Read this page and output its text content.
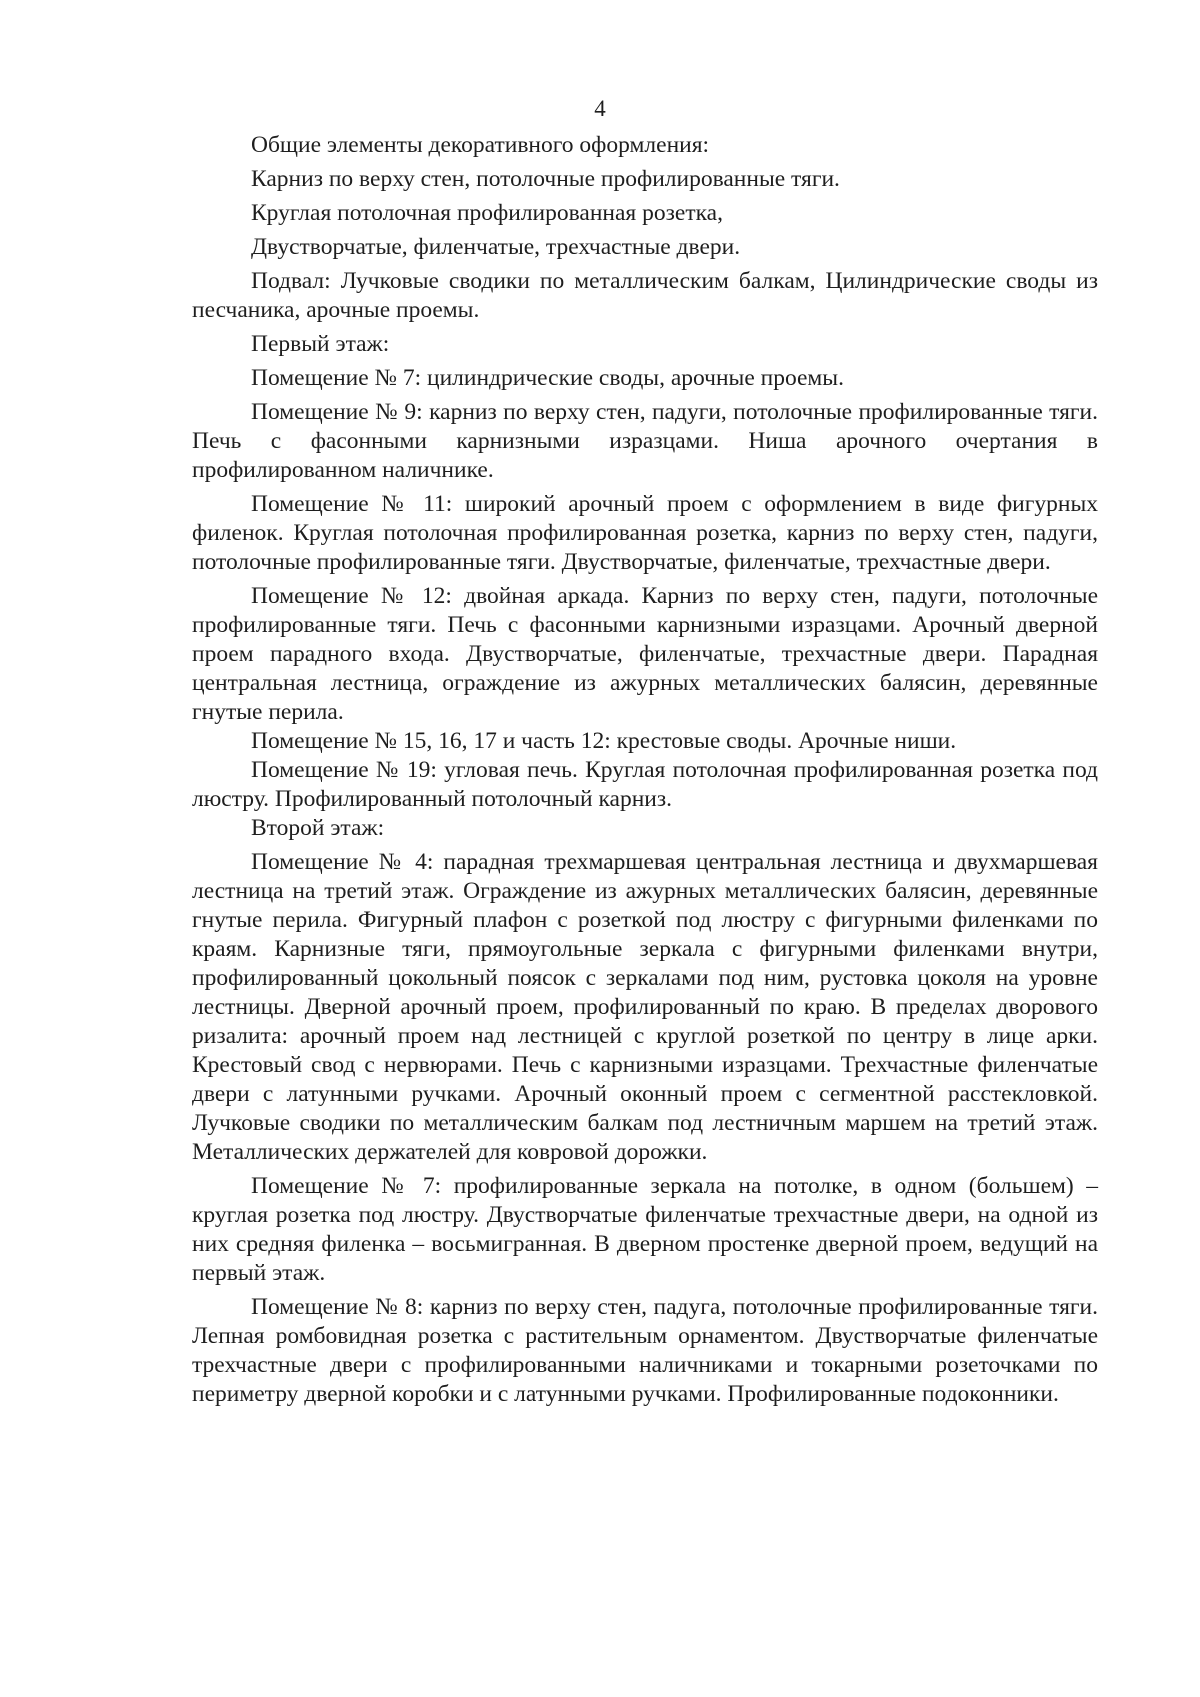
4

Общие элементы декоративного оформления:

Карниз по верху стен, потолочные профилированные тяги.

Круглая потолочная профилированная розетка,

Двустворчатые, филенчатые, трехчастные двери.

Подвал: Лучковые сводики по металлическим балкам, Цилиндрические своды из песчаника, арочные проемы.

Первый этаж:

Помещение № 7: цилиндрические своды, арочные проемы.

Помещение № 9: карниз по верху стен, падуги, потолочные профилированные тяги. Печь с фасонными карнизными изразцами. Ниша арочного очертания в профилированном наличнике.

Помещение № 11: широкий арочный проем с оформлением в виде фигурных филенок. Круглая потолочная профилированная розетка, карниз по верху стен, падуги, потолочные профилированные тяги. Двустворчатые, филенчатые, трехчастные двери.

Помещение № 12: двойная аркада. Карниз по верху стен, падуги, потолочные профилированные тяги. Печь с фасонными карнизными изразцами. Арочный дверной проем парадного входа. Двустворчатые, филенчатые, трехчастные двери. Парадная центральная лестница, ограждение из ажурных металлических балясин, деревянные гнутые перила.

Помещение № 15, 16, 17 и часть 12: крестовые своды. Арочные ниши.

Помещение № 19: угловая печь. Круглая потолочная профилированная розетка под люстру. Профилированный потолочный карниз.

Второй этаж:

Помещение № 4: парадная трехмаршевая центральная лестница и двухмаршевая лестница на третий этаж. Ограждение из ажурных металлических балясин, деревянные гнутые перила. Фигурный плафон с розеткой под люстру с фигурными филенками по краям. Карнизные тяги, прямоугольные зеркала с фигурными филенками внутри, профилированный цокольный поясок с зеркалами под ним, рустовка цоколя на уровне лестницы. Дверной арочный проем, профилированный по краю. В пределах дворового ризалита: арочный проем над лестницей с круглой розеткой по центру в лице арки. Крестовый свод с нервюрами. Печь с карнизными изразцами. Трехчастные филенчатые двери с латунными ручками. Арочный оконный проем с сегментной расстекловкой. Лучковые сводики по металлическим балкам под лестничным маршем на третий этаж. Металлических держателей для ковровой дорожки.

Помещение № 7: профилированные зеркала на потолке, в одном (большем) – круглая розетка под люстру. Двустворчатые филенчатые трехчастные двери, на одной из них средняя филенка – восьмигранная. В дверном простенке дверной проем, ведущий на первый этаж.

Помещение № 8: карниз по верху стен, падуга, потолочные профилированные тяги. Лепная ромбовидная розетка с растительным орнаментом. Двустворчатые филенчатые трехчастные двери с профилированными наличниками и токарными розеточками по периметру дверной коробки и с латунными ручками. Профилированные подоконники.
